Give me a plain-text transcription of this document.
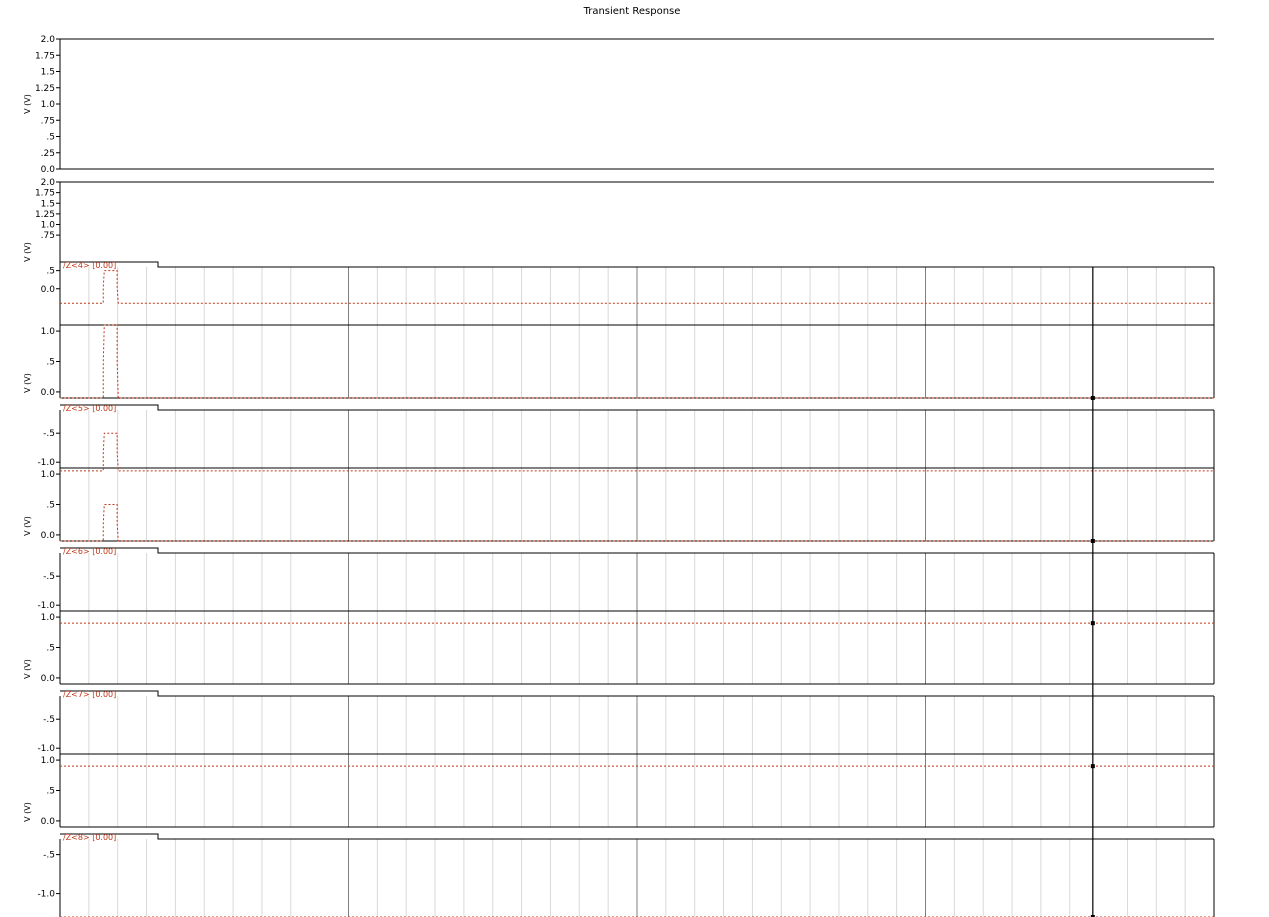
Transient Response
2.0
1.75
1.5
1.25
1.0
.75
.5
.25
0.0
V (V)
2.0
1.75
1.5
1.25
1.0
.75
V (V)
/Z<4> [0.00]
.5
0.0
1.0
.5
0.0
V (V)
/Z<5> [0.00]
-.5
-1.0
1.0
.5
0.0
V (V)
/Z<6> [0.00]
-.5
-1.0
1.0
.5
0.0
V (V)
/Z<7> [0.00]
-.5
-1.0
1.0
.5
0.0
V (V)
/Z<8> [0.00]
-.5
-1.0
